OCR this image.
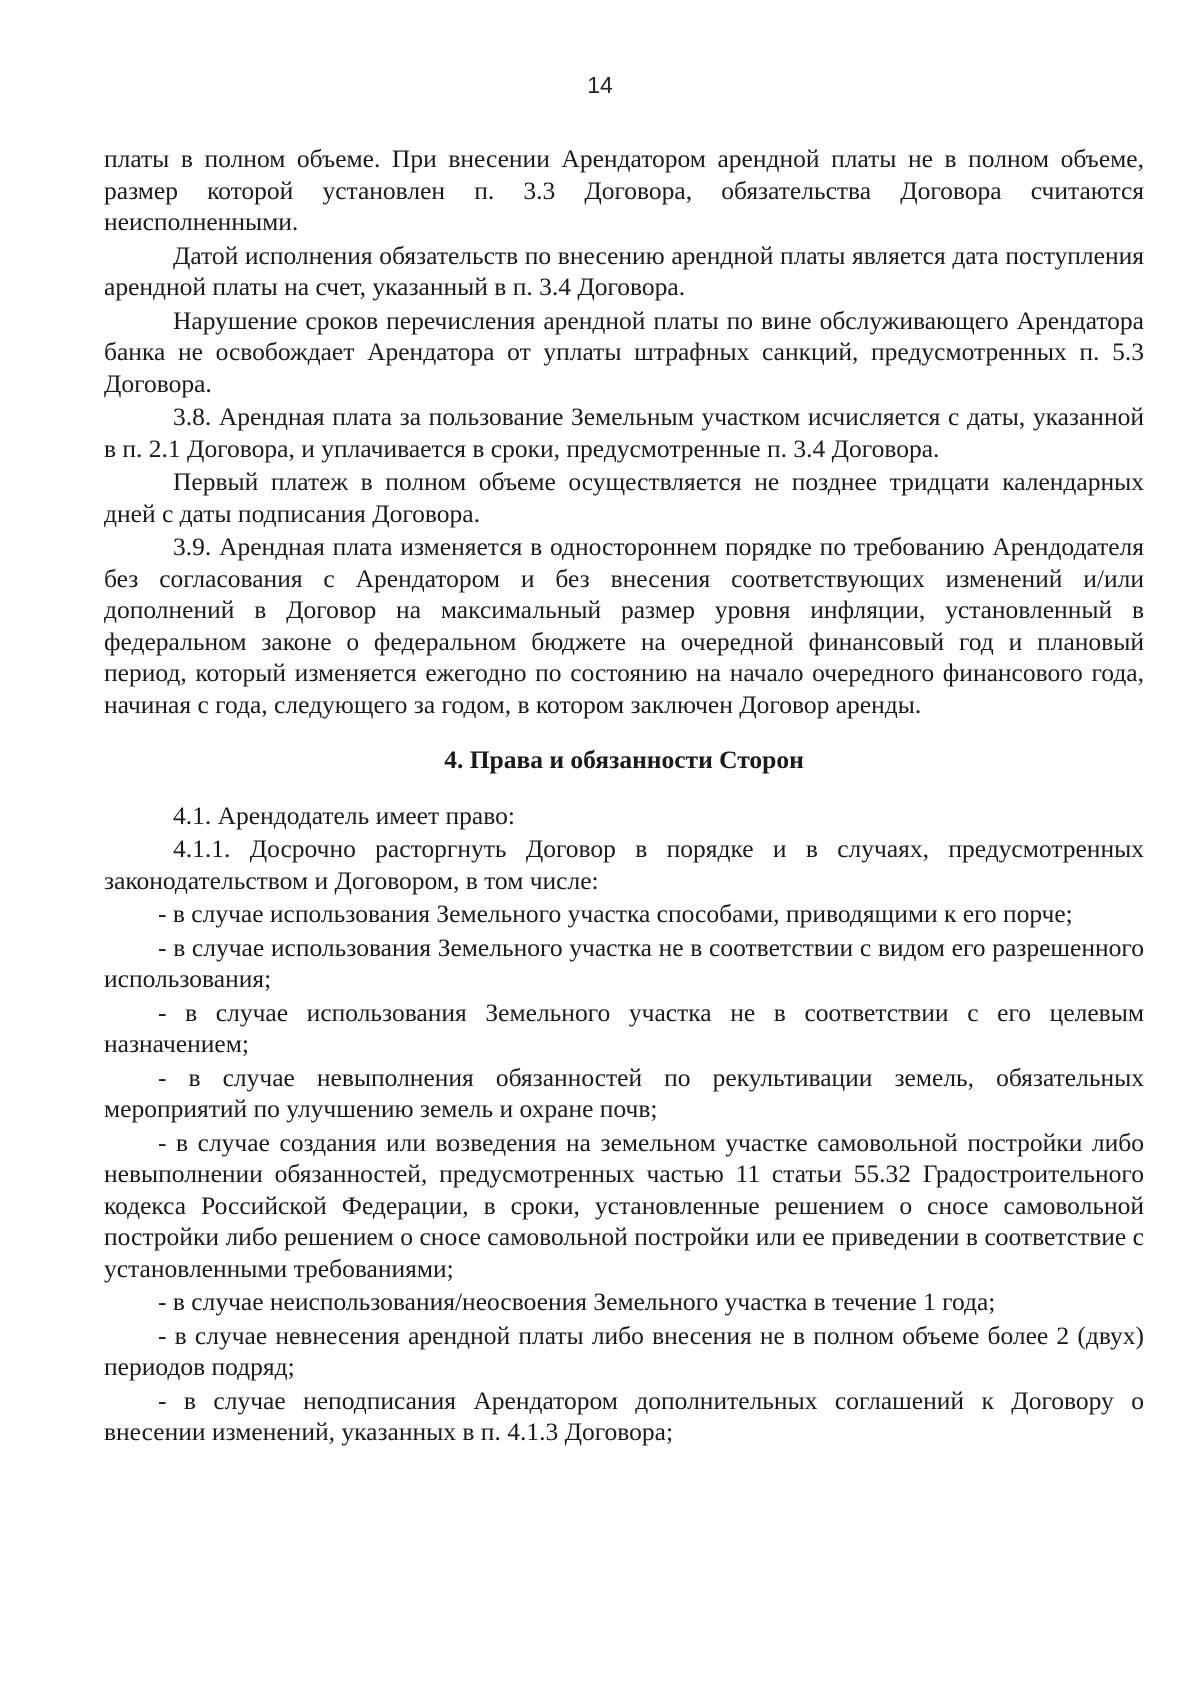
14

платы в полном объеме. При внесении Арендатором арендной платы не в полном объеме, размер которой установлен п. 3.3 Договора, обязательства Договора считаются неисполненными.

Датой исполнения обязательств по внесению арендной платы является дата поступления арендной платы на счет, указанный в п. 3.4 Договора.

Нарушение сроков перечисления арендной платы по вине обслуживающего Арендатора банка не освобождает Арендатора от уплаты штрафных санкций, предусмотренных п. 5.3 Договора.

3.8. Арендная плата за пользование Земельным участком исчисляется с даты, указанной в п. 2.1 Договора, и уплачивается в сроки, предусмотренные п. 3.4 Договора.

Первый платеж в полном объеме осуществляется не позднее тридцати календарных дней с даты подписания Договора.

3.9. Арендная плата изменяется в одностороннем порядке по требованию Арендодателя без согласования с Арендатором и без внесения соответствующих изменений и/или дополнений в Договор на максимальный размер уровня инфляции, установленный в федеральном законе о федеральном бюджете на очередной финансовый год и плановый период, который изменяется ежегодно по состоянию на начало очередного финансового года, начиная с года, следующего за годом, в котором заключен Договор аренды.

4. Права и обязанности Сторон

4.1. Арендодатель имеет право:

4.1.1. Досрочно расторгнуть Договор в порядке и в случаях, предусмотренных законодательством и Договором, в том числе:

- в случае использования Земельного участка способами, приводящими к его порче;

- в случае использования Земельного участка не в соответствии с видом его разрешенного использования;

- в случае использования Земельного участка не в соответствии с его целевым назначением;

- в случае невыполнения обязанностей по рекультивации земель, обязательных мероприятий по улучшению земель и охране почв;

- в случае создания или возведения на земельном участке самовольной постройки либо невыполнении обязанностей, предусмотренных частью 11 статьи 55.32 Градостроительного кодекса Российской Федерации, в сроки, установленные решением о сносе самовольной постройки либо решением о сносе самовольной постройки или ее приведении в соответствие с установленными требованиями;

- в случае неиспользования/неосвоения Земельного участка в течение 1 года;

- в случае невнесения арендной платы либо внесения не в полном объеме более 2 (двух) периодов подряд;

- в случае неподписания Арендатором дополнительных соглашений к Договору о внесении изменений, указанных в п. 4.1.3 Договора;
